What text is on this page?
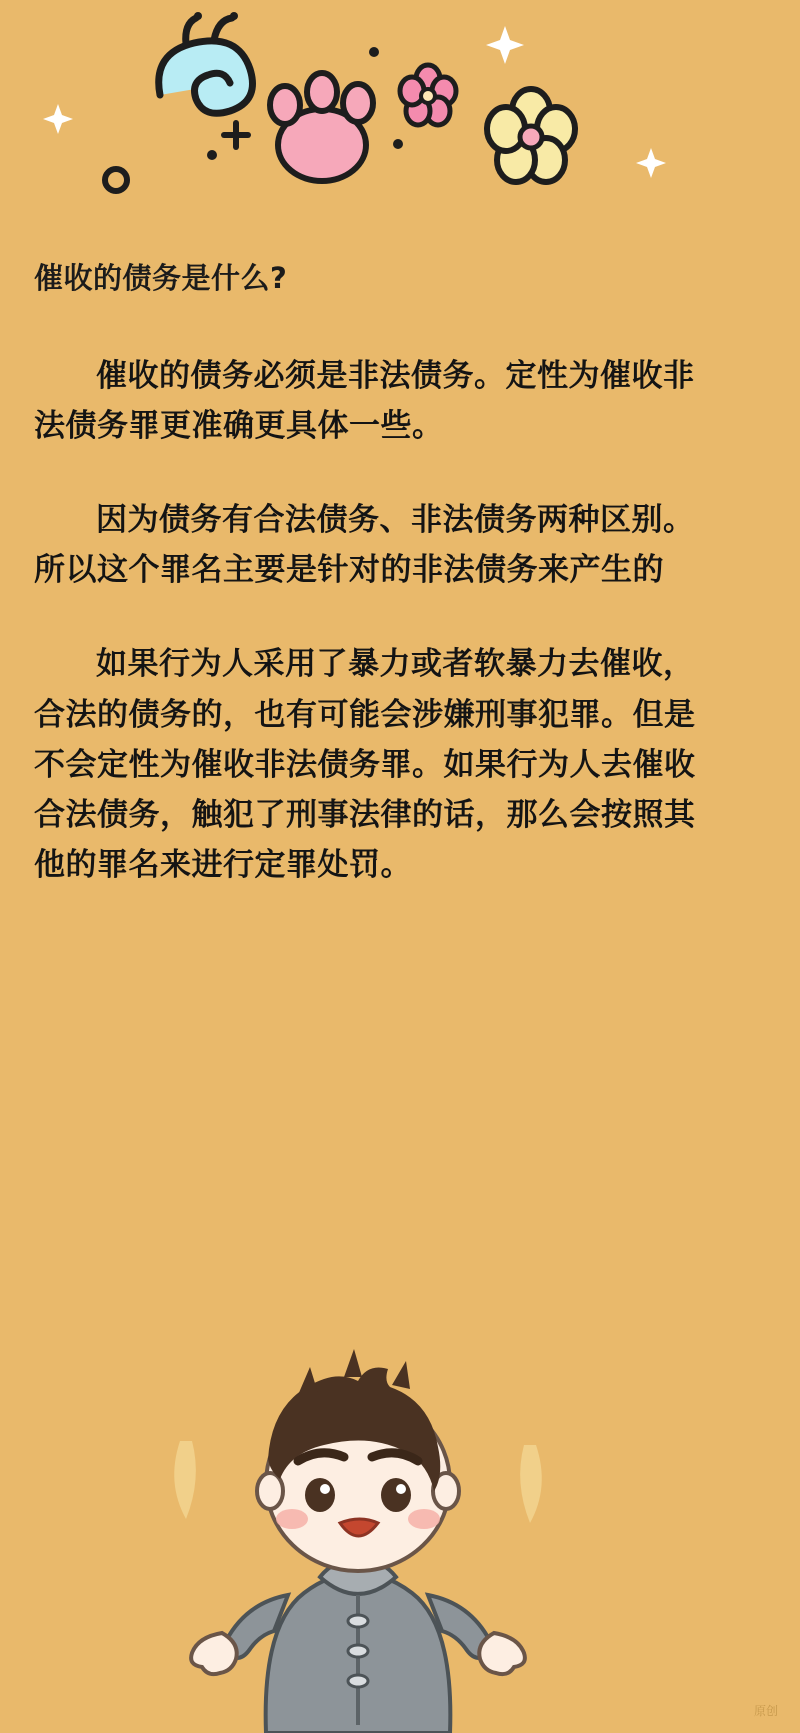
催收的债务是什么?

催收的债务必须是非法债务。定性为催收非法债务罪更准确更具体一些。

因为债务有合法债务、非法债务两种区别。所以这个罪名主要是针对的非法债务来产生的

如果行为人采用了暴力或者软暴力去催收，合法的债务的，也有可能会涉嫌刑事犯罪。但是不会定性为催收非法债务罪。如果行为人去催收合法债务，触犯了刑事法律的话，那么会按照其他的罪名来进行定罪处罚。

原创
